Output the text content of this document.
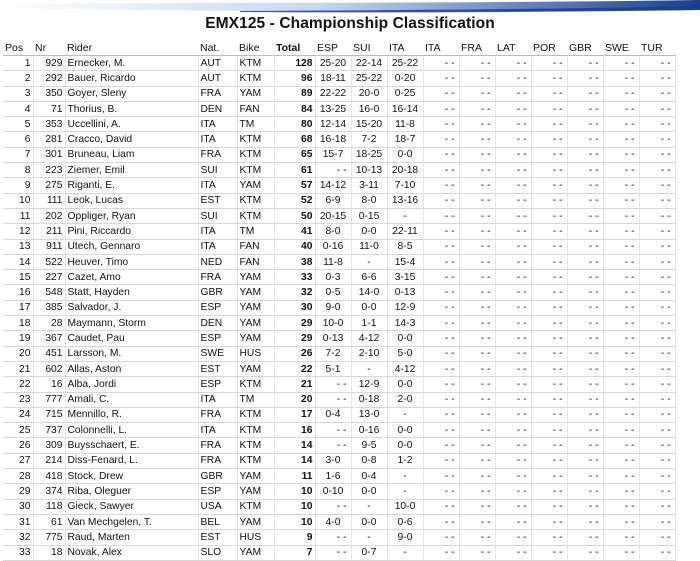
EMX125 - Championship Classification
Pos	Nr	Rider	Nat.	Bike	Total	ESP	SUI	ITA	ITA	FRA	LAT	POR	GBR	SWE	TUR
1	929	Ernecker, M.	AUT	KTM	128	25-20	22-14	25-22	- -	- -	- -	- -	- -	- -	- -
2	292	Bauer, Ricardo	AUT	KTM	96	18-11	25-22	0-20	- -	- -	- -	- -	- -	- -	- -
3	350	Goyer, Sleny	FRA	YAM	89	22-22	20-0	0-25	- -	- -	- -	- -	- -	- -	- -
4	71	Thorius, B.	DEN	FAN	84	13-25	16-0	16-14	- -	- -	- -	- -	- -	- -	- -
5	353	Uccellini, A.	ITA	TM	80	12-14	15-20	11-8	- -	- -	- -	- -	- -	- -	- -
6	281	Cracco, David	ITA	KTM	68	16-18	7-2	18-7	- -	- -	- -	- -	- -	- -	- -
7	301	Bruneau, Liam	FRA	KTM	65	15-7	18-25	0-0	- -	- -	- -	- -	- -	- -	- -
8	223	Ziemer, Emil	SUI	KTM	61	- -	10-13	20-18	- -	- -	- -	- -	- -	- -	- -
9	275	Riganti, E.	ITA	YAM	57	14-12	3-11	7-10	- -	- -	- -	- -	- -	- -	- -
10	111	Leok, Lucas	EST	KTM	52	6-9	8-0	13-16	- -	- -	- -	- -	- -	- -	- -
11	202	Oppliger, Ryan	SUI	KTM	50	20-15	0-15	-	- -	- -	- -	- -	- -	- -	- -
12	211	Pini, Riccardo	ITA	TM	41	8-0	0-0	22-11	- -	- -	- -	- -	- -	- -	- -
13	911	Utech, Gennaro	ITA	FAN	40	0-16	11-0	8-5	- -	- -	- -	- -	- -	- -	- -
14	522	Heuver, Timo	NED	FAN	38	11-8	-	15-4	- -	- -	- -	- -	- -	- -	- -
15	227	Cazet, Amo	FRA	YAM	33	0-3	6-6	3-15	- -	- -	- -	- -	- -	- -	- -
16	548	Statt, Hayden	GBR	YAM	32	0-5	14-0	0-13	- -	- -	- -	- -	- -	- -	- -
17	385	Salvador, J.	ESP	YAM	30	9-0	0-0	12-9	- -	- -	- -	- -	- -	- -	- -
18	28	Maymann, Storm	DEN	YAM	29	10-0	1-1	14-3	- -	- -	- -	- -	- -	- -	- -
19	367	Caudet, Pau	ESP	YAM	29	0-13	4-12	0-0	- -	- -	- -	- -	- -	- -	- -
20	451	Larsson, M.	SWE	HUS	26	7-2	2-10	5-0	- -	- -	- -	- -	- -	- -	- -
21	602	Allas, Aston	EST	YAM	22	5-1	-	4-12	- -	- -	- -	- -	- -	- -	- -
22	16	Alba, Jordi	ESP	KTM	21	- -	12-9	0-0	- -	- -	- -	- -	- -	- -	- -
23	777	Amali, C.	ITA	TM	20	- -	0-18	2-0	- -	- -	- -	- -	- -	- -	- -
24	715	Mennillo, R.	FRA	KTM	17	0-4	13-0	-	- -	- -	- -	- -	- -	- -	- -
25	737	Colonnelli, L.	ITA	KTM	16	- -	0-16	0-0	- -	- -	- -	- -	- -	- -	- -
26	309	Buysschaert, E.	FRA	KTM	14	- -	9-5	0-0	- -	- -	- -	- -	- -	- -	- -
27	214	Diss-Fenard, L.	FRA	KTM	14	3-0	0-8	1-2	- -	- -	- -	- -	- -	- -	- -
28	418	Stock, Drew	GBR	YAM	11	1-6	0-4	-	- -	- -	- -	- -	- -	- -	- -
29	374	Riba, Oleguer	ESP	YAM	10	0-10	0-0	-	- -	- -	- -	- -	- -	- -	- -
30	118	Gieck, Sawyer	USA	KTM	10	- -	-	10-0	- -	- -	- -	- -	- -	- -	- -
31	61	Van Mechgelen, T.	BEL	YAM	10	4-0	0-0	0-6	- -	- -	- -	- -	- -	- -	- -
32	775	Raud, Marten	EST	HUS	9	- -	-	9-0	- -	- -	- -	- -	- -	- -	- -
33	18	Novak, Alex	SLO	YAM	7	- -	0-7	-	- -	- -	- -	- -	- -	- -	- -
